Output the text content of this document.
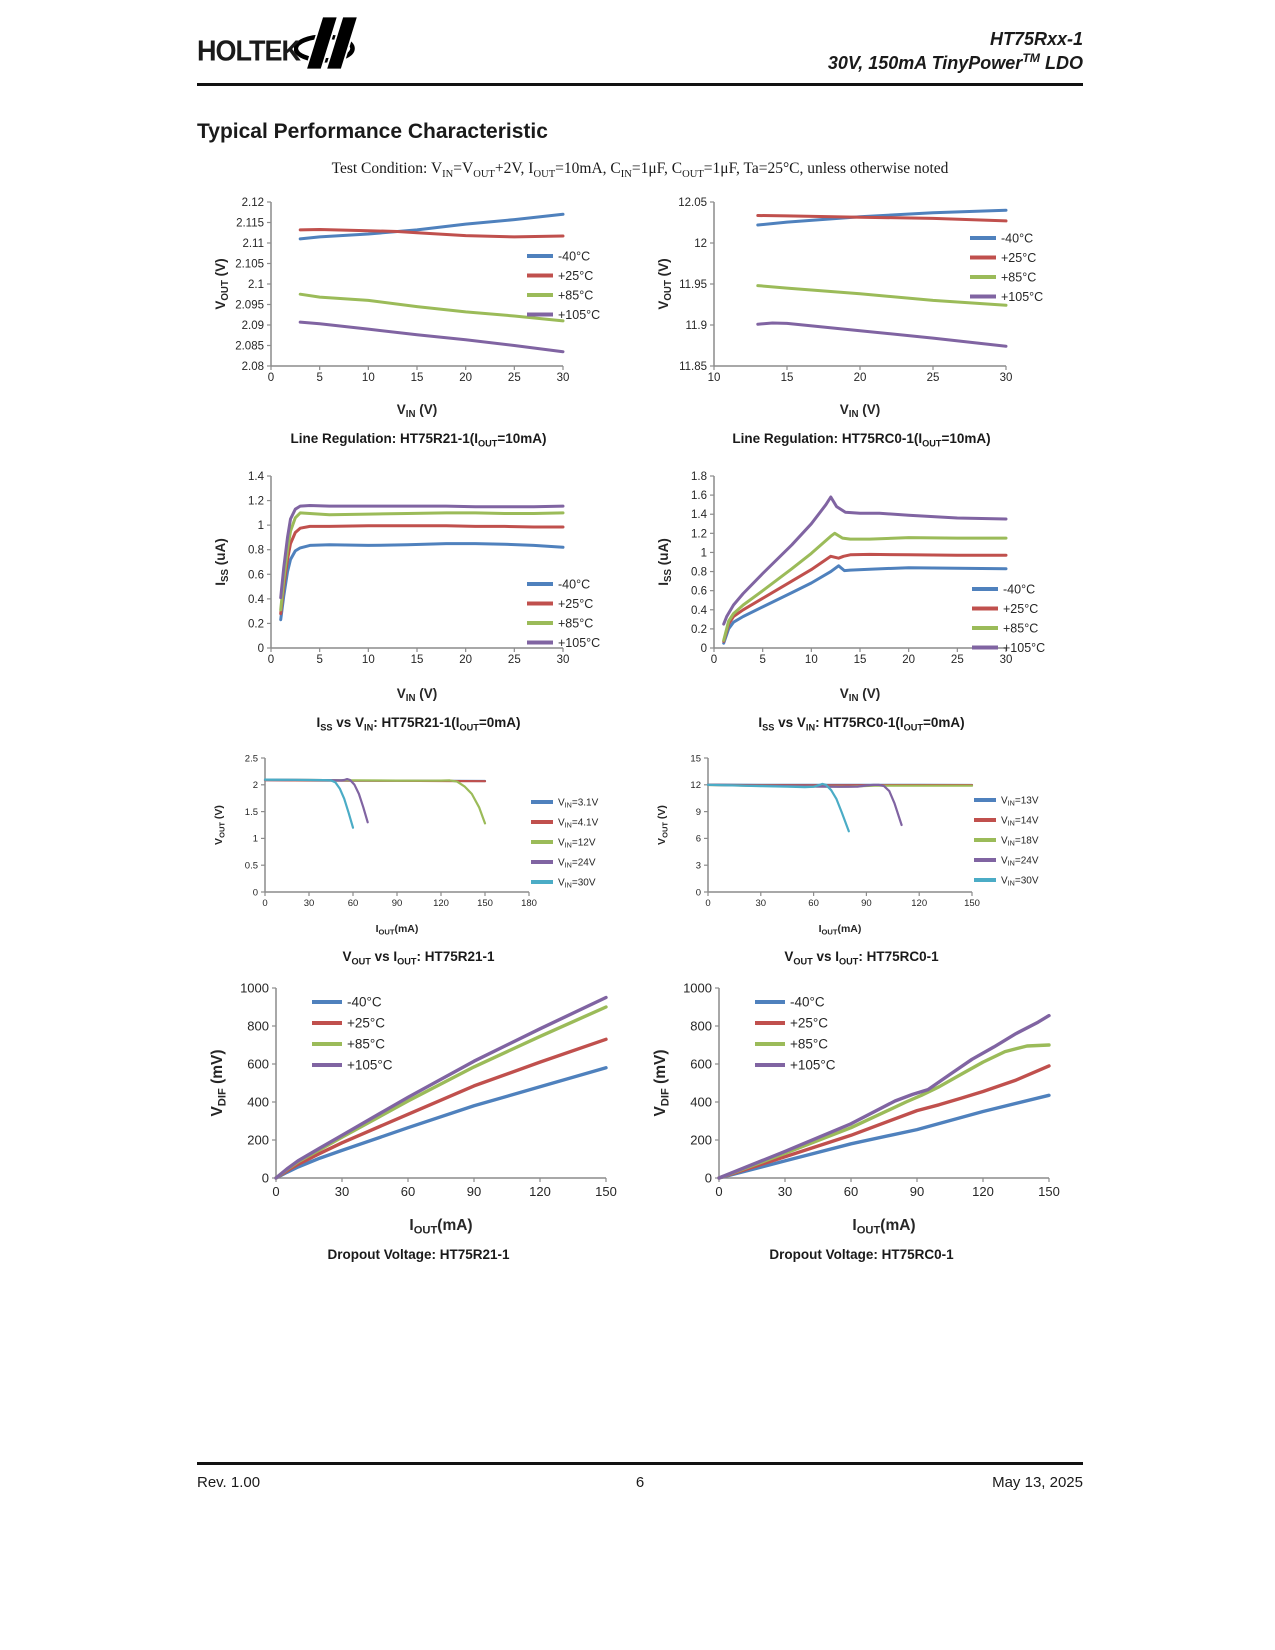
HOLTEK	HT75Rxx-1
30V, 150mA TinyPower™ LDO
Typical Performance Characteristic
Test Condition: $V_{IN}=V_{OUT}+2V$, $I_{OUT}=10mA$, $C_{IN}=1\mu F$, $C_{OUT}=1\mu F$, Ta=25°C, unless otherwise noted
0	5	10	15	20	25	30
2.08
2.085
2.09
2.095
2.1
2.105
2.11
2.115
2.12
$V_{IN}$ (V)
$V_{OUT}$ (V)
-40°C
+25°C
+85°C
+105°C
Line Regulation: $HT75R21-1(I_{OUT}=10mA)$
10	15	20	25	30
11.85
11.9
11.95
12
12.05
$V_{IN}$ (V)
$V_{OUT}$ (V)
-40°C
+25°C
+85°C
+105°C
Line Regulation: $HT75RC0-1(I_{OUT}=10mA)$
0	5	10	15	20	25	30
0
0.2
0.4
0.6
0.8
1
1.2
1.4
$V_{IN}$ (V)
$I_{SS}$ (uA)
-40°C
+25°C
+85°C
+105°C
$I_{SS}$ vs $V_{IN}$: $HT75R21-1(I_{OUT}=0mA)$
0	5	10	15	20	25	30
0
0.2
0.4
0.6
0.8
1
1.2
1.4
1.6
1.8
$V_{IN}$ (V)
$I_{SS}$ (uA)
-40°C
+25°C
+85°C
+105°C
$I_{SS}$ vs $V_{IN}$: $HT75RC0-1(I_{OUT}=0mA)$
0	30	60	90	120	150	180
0
0.5
1
1.5
2
2.5
$I_{OUT}(mA)$
$V_{OUT}$ (V)
$V_{IN}=3.1V$
$V_{IN}=4.1V$
$V_{IN}=12V$
$V_{IN}=24V$
$V_{IN}=30V$
$V_{OUT}$ vs $I_{OUT}$: HT75R21-1
0	30	60	90	120	150
0
3
6
9
12
15
$I_{OUT}(mA)$
$V_{OUT}$ (V)
$V_{IN}=13V$
$V_{IN}=14V$
$V_{IN}=18V$
$V_{IN}=24V$
$V_{IN}=30V$
$V_{OUT}$ vs $I_{OUT}$: HT75RC0-1
0	30	60	90	120	150
0
200
400
600
800
1000
$I_{OUT}(mA)$
$V_{DIF}$ (mV)
-40°C
+25°C
+85°C
+105°C
Dropout Voltage: HT75R21-1
0	30	60	90	120	150
0
200
400
600
800
1000
$I_{OUT}(mA)$
$V_{DIF}$ (mV)
-40°C
+25°C
+85°C
+105°C
Dropout Voltage: HT75RC0-1
Rev. 1.00	6	May 13, 2025
